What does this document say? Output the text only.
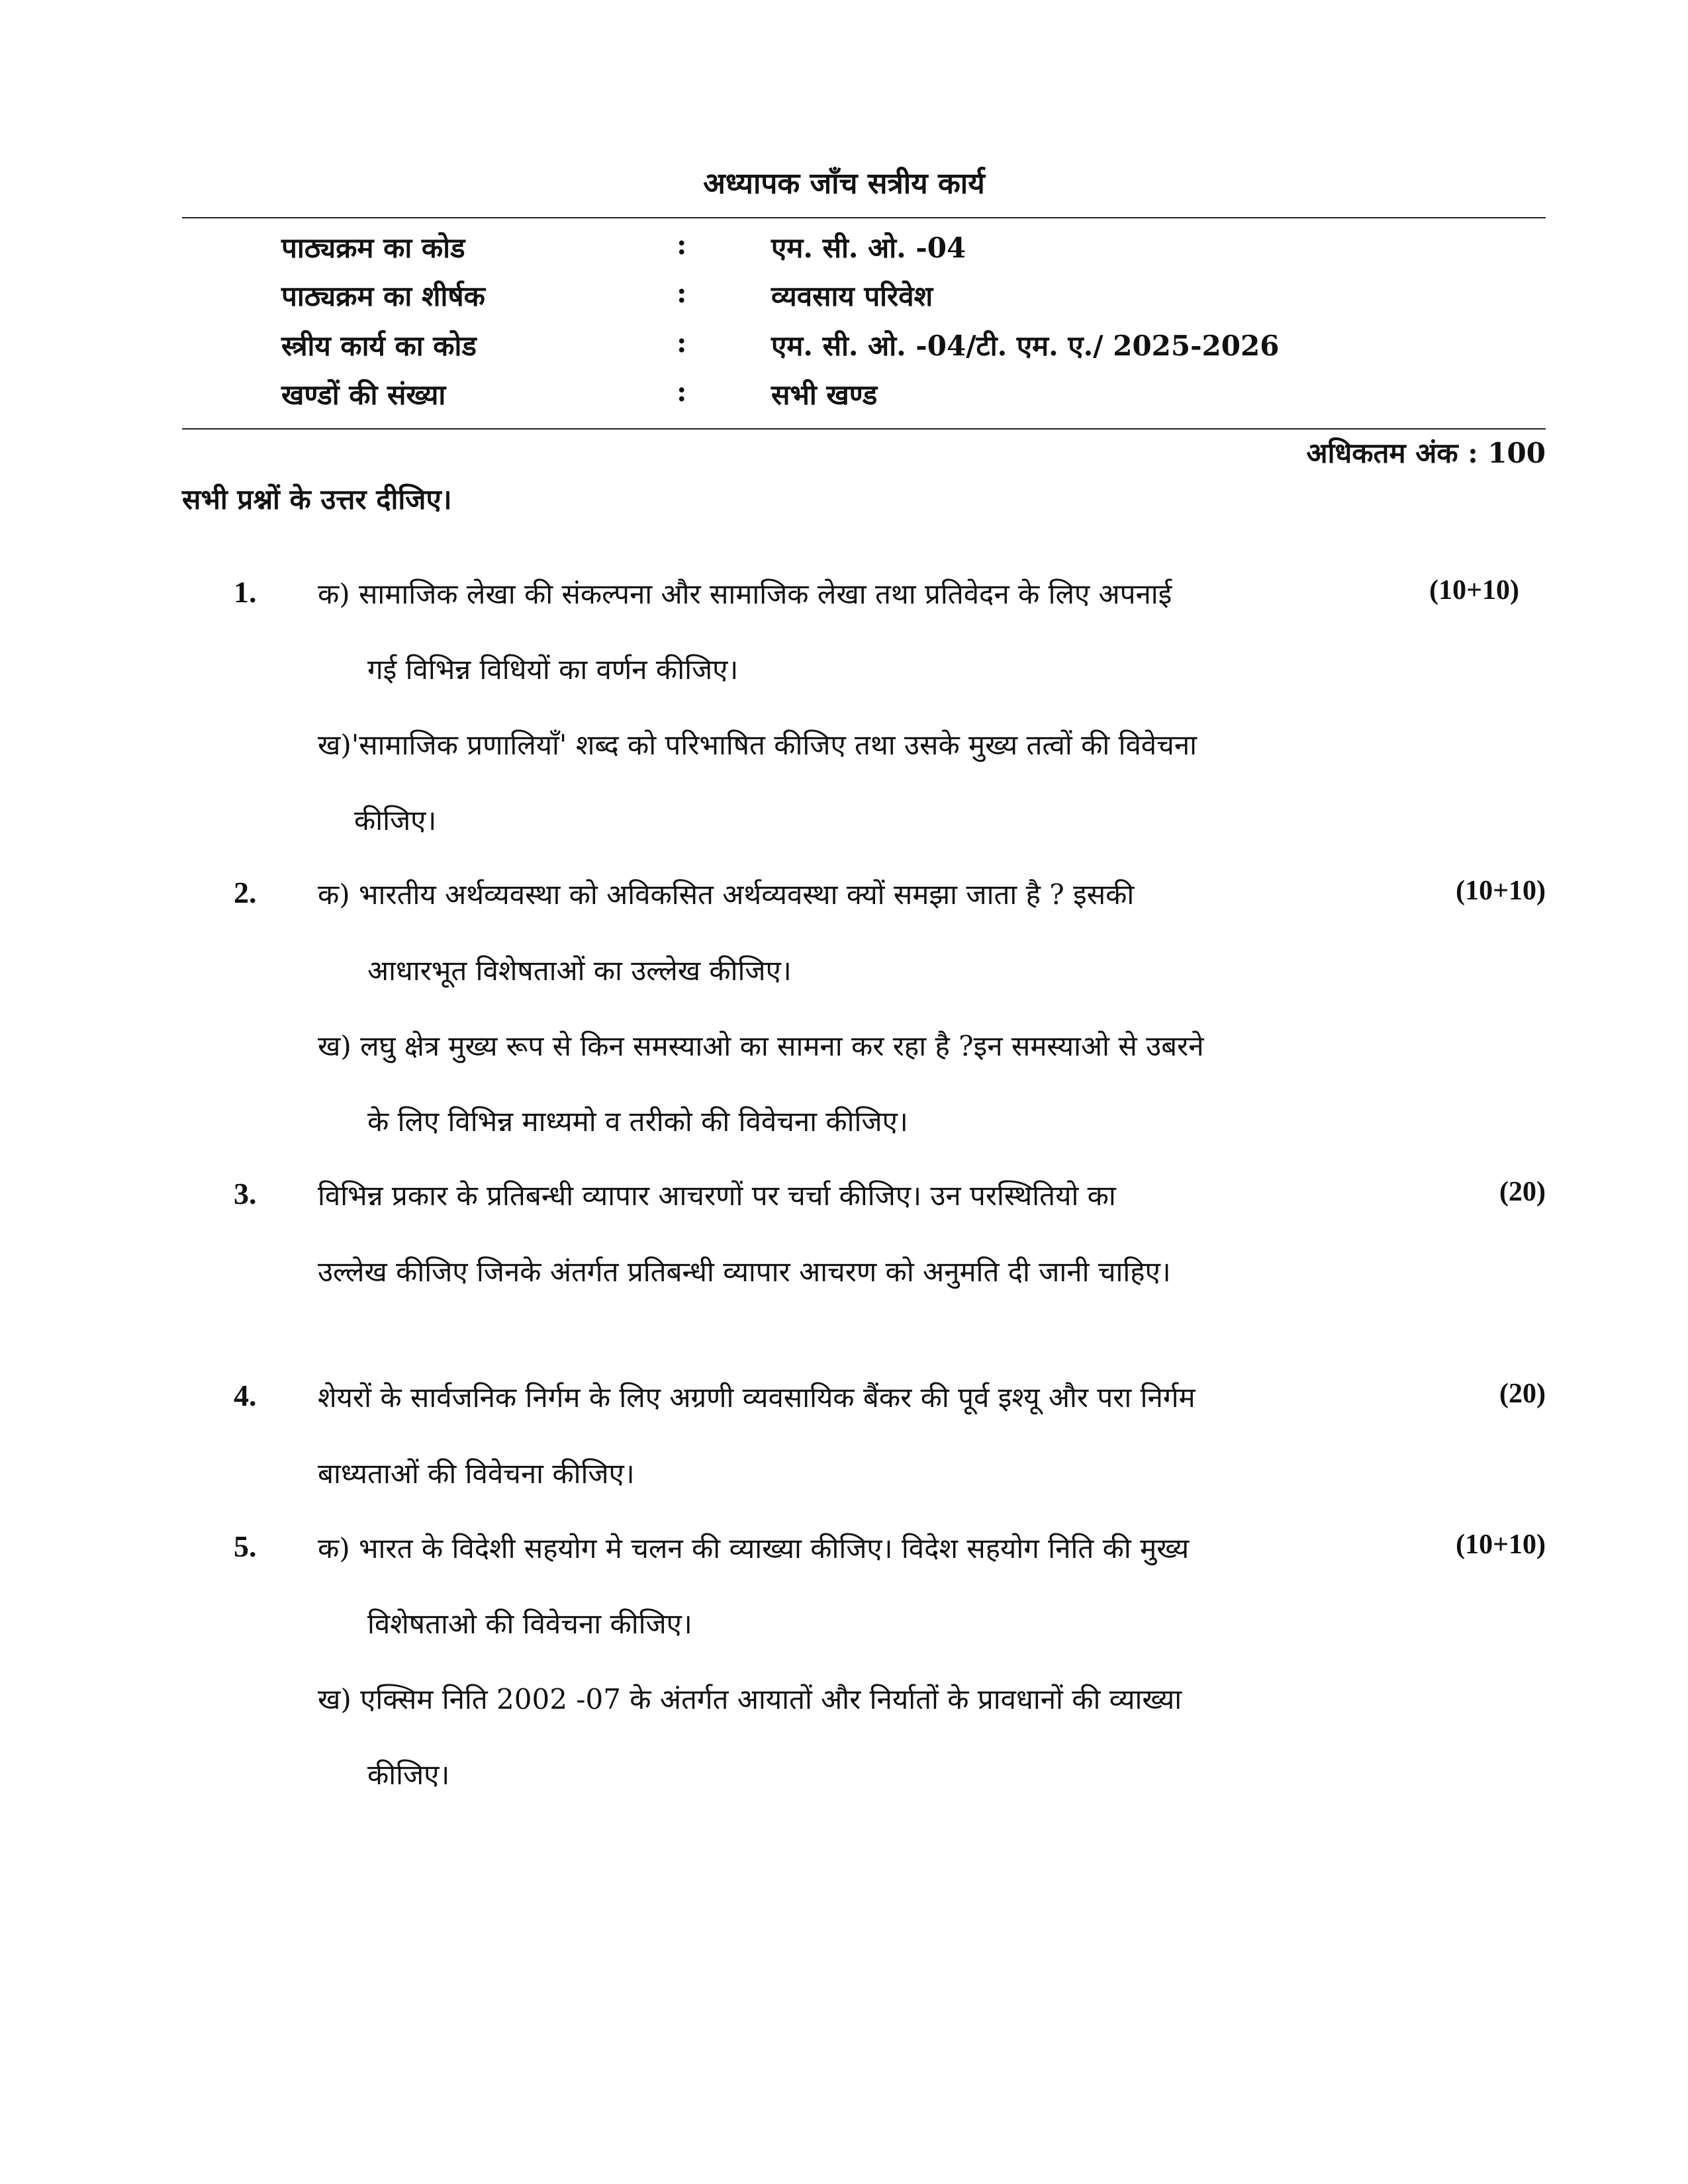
अध्यापक जाँच सत्रीय कार्य
पाठ्यक्रम का कोड	:	एम. सी. ओ. -04
पाठ्यक्रम का शीर्षक	:	व्यवसाय परिवेश
स्त्रीय कार्य का कोड	:	एम. सी. ओ. -04/टी. एम. ए./ 2025-2026
खण्डों की संख्या	:	सभी खण्ड
अधिकतम अंक : 100
सभी प्रश्नों के उत्तर दीजिए।
1. क) सामाजिक लेखा की संकल्पना और सामाजिक लेखा तथा प्रतिवेदन के लिए अपनाई	(10+10)
गई विभिन्न विधियों का वर्णन कीजिए।
ख)'सामाजिक प्रणालियाँ' शब्द को परिभाषित कीजिए तथा उसके मुख्य तत्वों की विवेचना
कीजिए।
2. क) भारतीय अर्थव्यवस्था को अविकसित अर्थव्यवस्था क्यों समझा जाता है ? इसकी	(10+10)
आधारभूत विशेषताओं का उल्लेख कीजिए।
ख) लघु क्षेत्र मुख्य रूप से किन समस्याओ का सामना कर रहा है ?इन समस्याओ से उबरने
के लिए विभिन्न माध्यमो व तरीको की विवेचना कीजिए।
3. विभिन्न प्रकार के प्रतिबन्धी व्यापार आचरणों पर चर्चा कीजिए। उन परस्थितियो का	(20)
उल्लेख कीजिए जिनके अंतर्गत प्रतिबन्धी व्यापार आचरण को अनुमति दी जानी चाहिए।
4. शेयरों के सार्वजनिक निर्गम के लिए अग्रणी व्यवसायिक बैंकर की पूर्व इश्यू और परा निर्गम	(20)
बाध्यताओं की विवेचना कीजिए।
5. क) भारत के विदेशी सहयोग मे चलन की व्याख्या कीजिए। विदेश सहयोग निति की मुख्य	(10+10)
विशेषताओ की विवेचना कीजिए।
ख) एक्सिम निति 2002 -07 के अंतर्गत आयातों और निर्यातों के प्रावधानों की व्याख्या
कीजिए।
